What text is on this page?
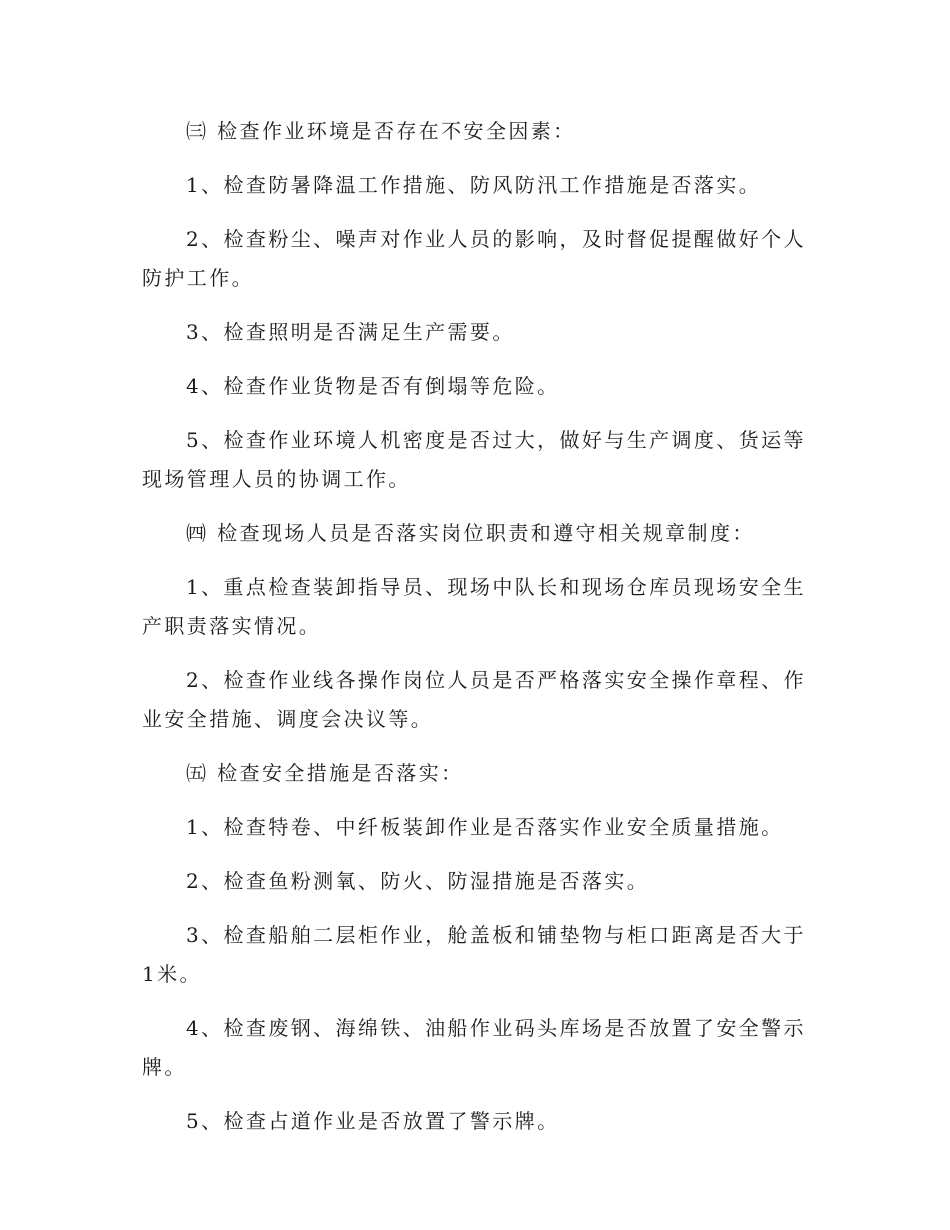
㈢ 检查作业环境是否存在不安全因素：

1、检查防暑降温工作措施、防风防汛工作措施是否落实。

2、检查粉尘、噪声对作业人员的影响，及时督促提醒做好个人防护工作。

3、检查照明是否满足生产需要。

4、检查作业货物是否有倒塌等危险。

5、检查作业环境人机密度是否过大，做好与生产调度、货运等现场管理人员的协调工作。

㈣ 检查现场人员是否落实岗位职责和遵守相关规章制度：

1、重点检查装卸指导员、现场中队长和现场仓库员现场安全生产职责落实情况。

2、检查作业线各操作岗位人员是否严格落实安全操作章程、作业安全措施、调度会决议等。

㈤ 检查安全措施是否落实：

1、检查特卷、中纤板装卸作业是否落实作业安全质量措施。

2、检查鱼粉测氧、防火、防湿措施是否落实。

3、检查船舶二层柜作业，舱盖板和铺垫物与柜口距离是否大于1米。

4、检查废钢、海绵铁、油船作业码头库场是否放置了安全警示牌。

5、检查占道作业是否放置了警示牌。
